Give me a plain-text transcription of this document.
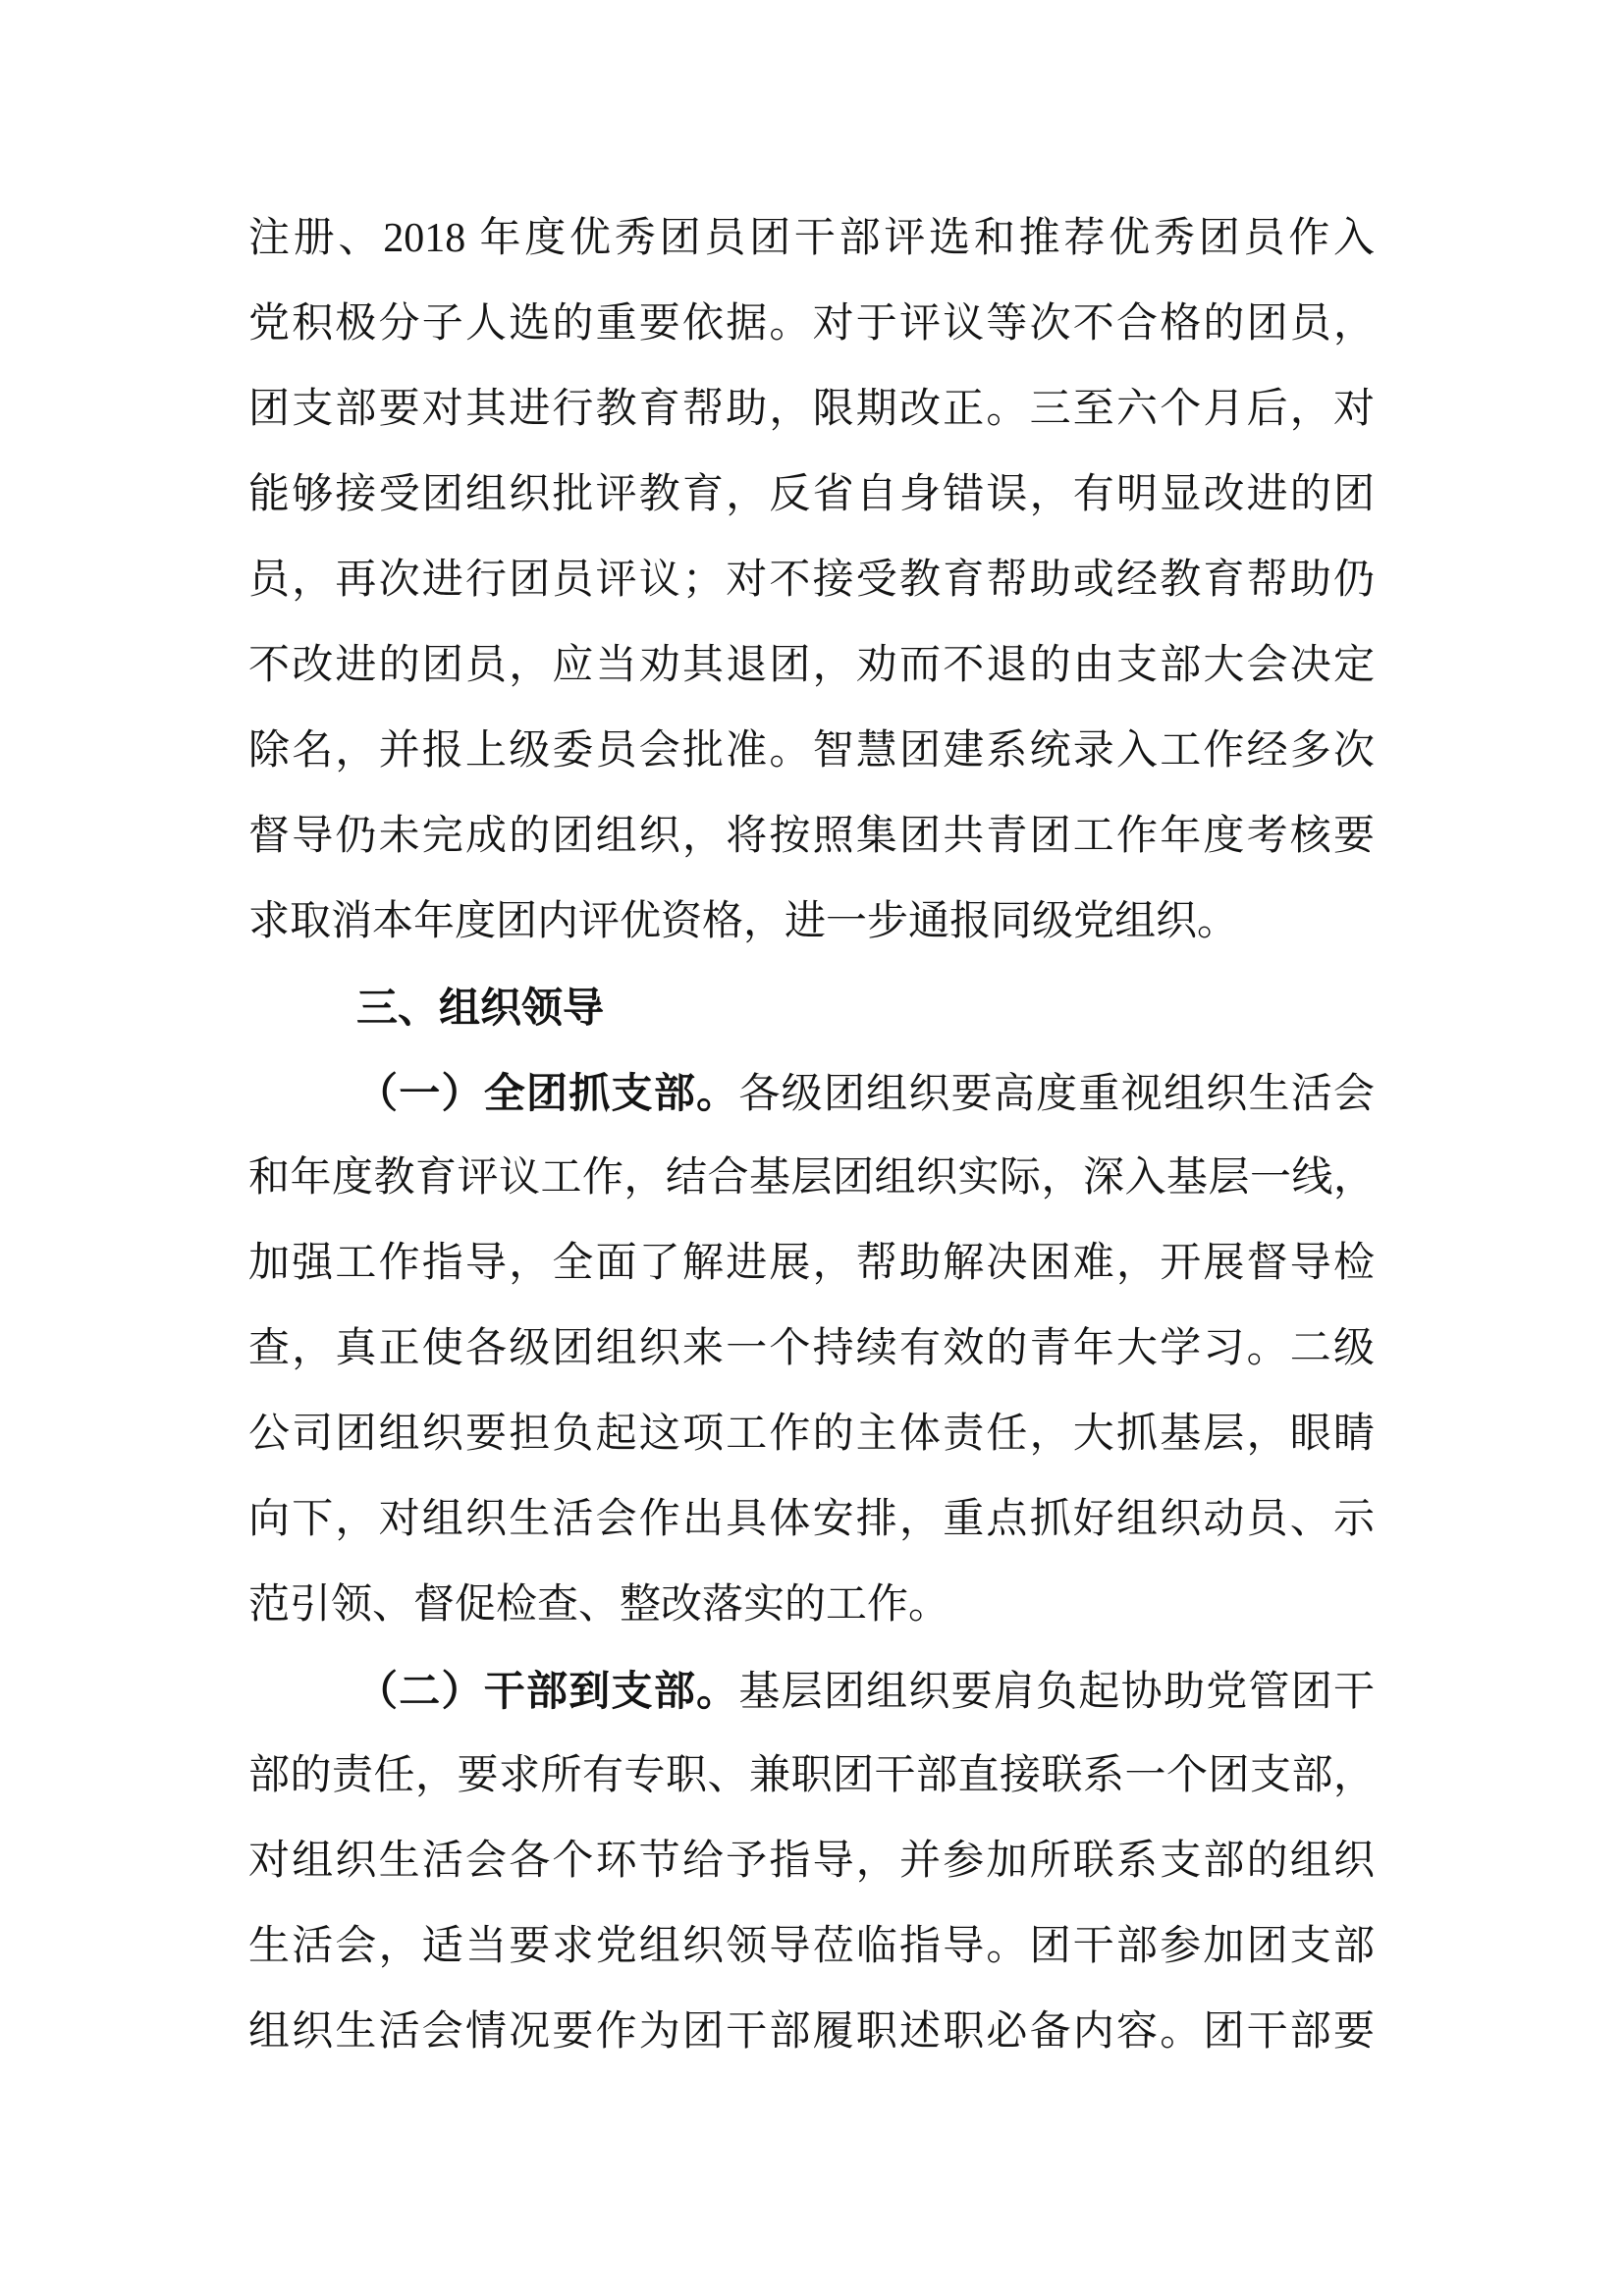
注册、2018 年度优秀团员团干部评选和推荐优秀团员作入
党积极分子人选的重要依据。对于评议等次不合格的团员，
团支部要对其进行教育帮助，限期改正。三至六个月后，对
能够接受团组织批评教育，反省自身错误，有明显改进的团
员，再次进行团员评议；对不接受教育帮助或经教育帮助仍
不改进的团员，应当劝其退团，劝而不退的由支部大会决定
除名，并报上级委员会批准。智慧团建系统录入工作经多次
督导仍未完成的团组织，将按照集团共青团工作年度考核要
求取消本年度团内评优资格，进一步通报同级党组织。
三、组织领导
（一）全团抓支部。各级团组织要高度重视组织生活会
和年度教育评议工作，结合基层团组织实际，深入基层一线，
加强工作指导，全面了解进展，帮助解决困难，开展督导检
查，真正使各级团组织来一个持续有效的青年大学习。二级
公司团组织要担负起这项工作的主体责任，大抓基层，眼睛
向下，对组织生活会作出具体安排，重点抓好组织动员、示
范引领、督促检查、整改落实的工作。
（二）干部到支部。基层团组织要肩负起协助党管团干
部的责任，要求所有专职、兼职团干部直接联系一个团支部，
对组织生活会各个环节给予指导，并参加所联系支部的组织
生活会，适当要求党组织领导莅临指导。团干部参加团支部
组织生活会情况要作为团干部履职述职必备内容。团干部要
